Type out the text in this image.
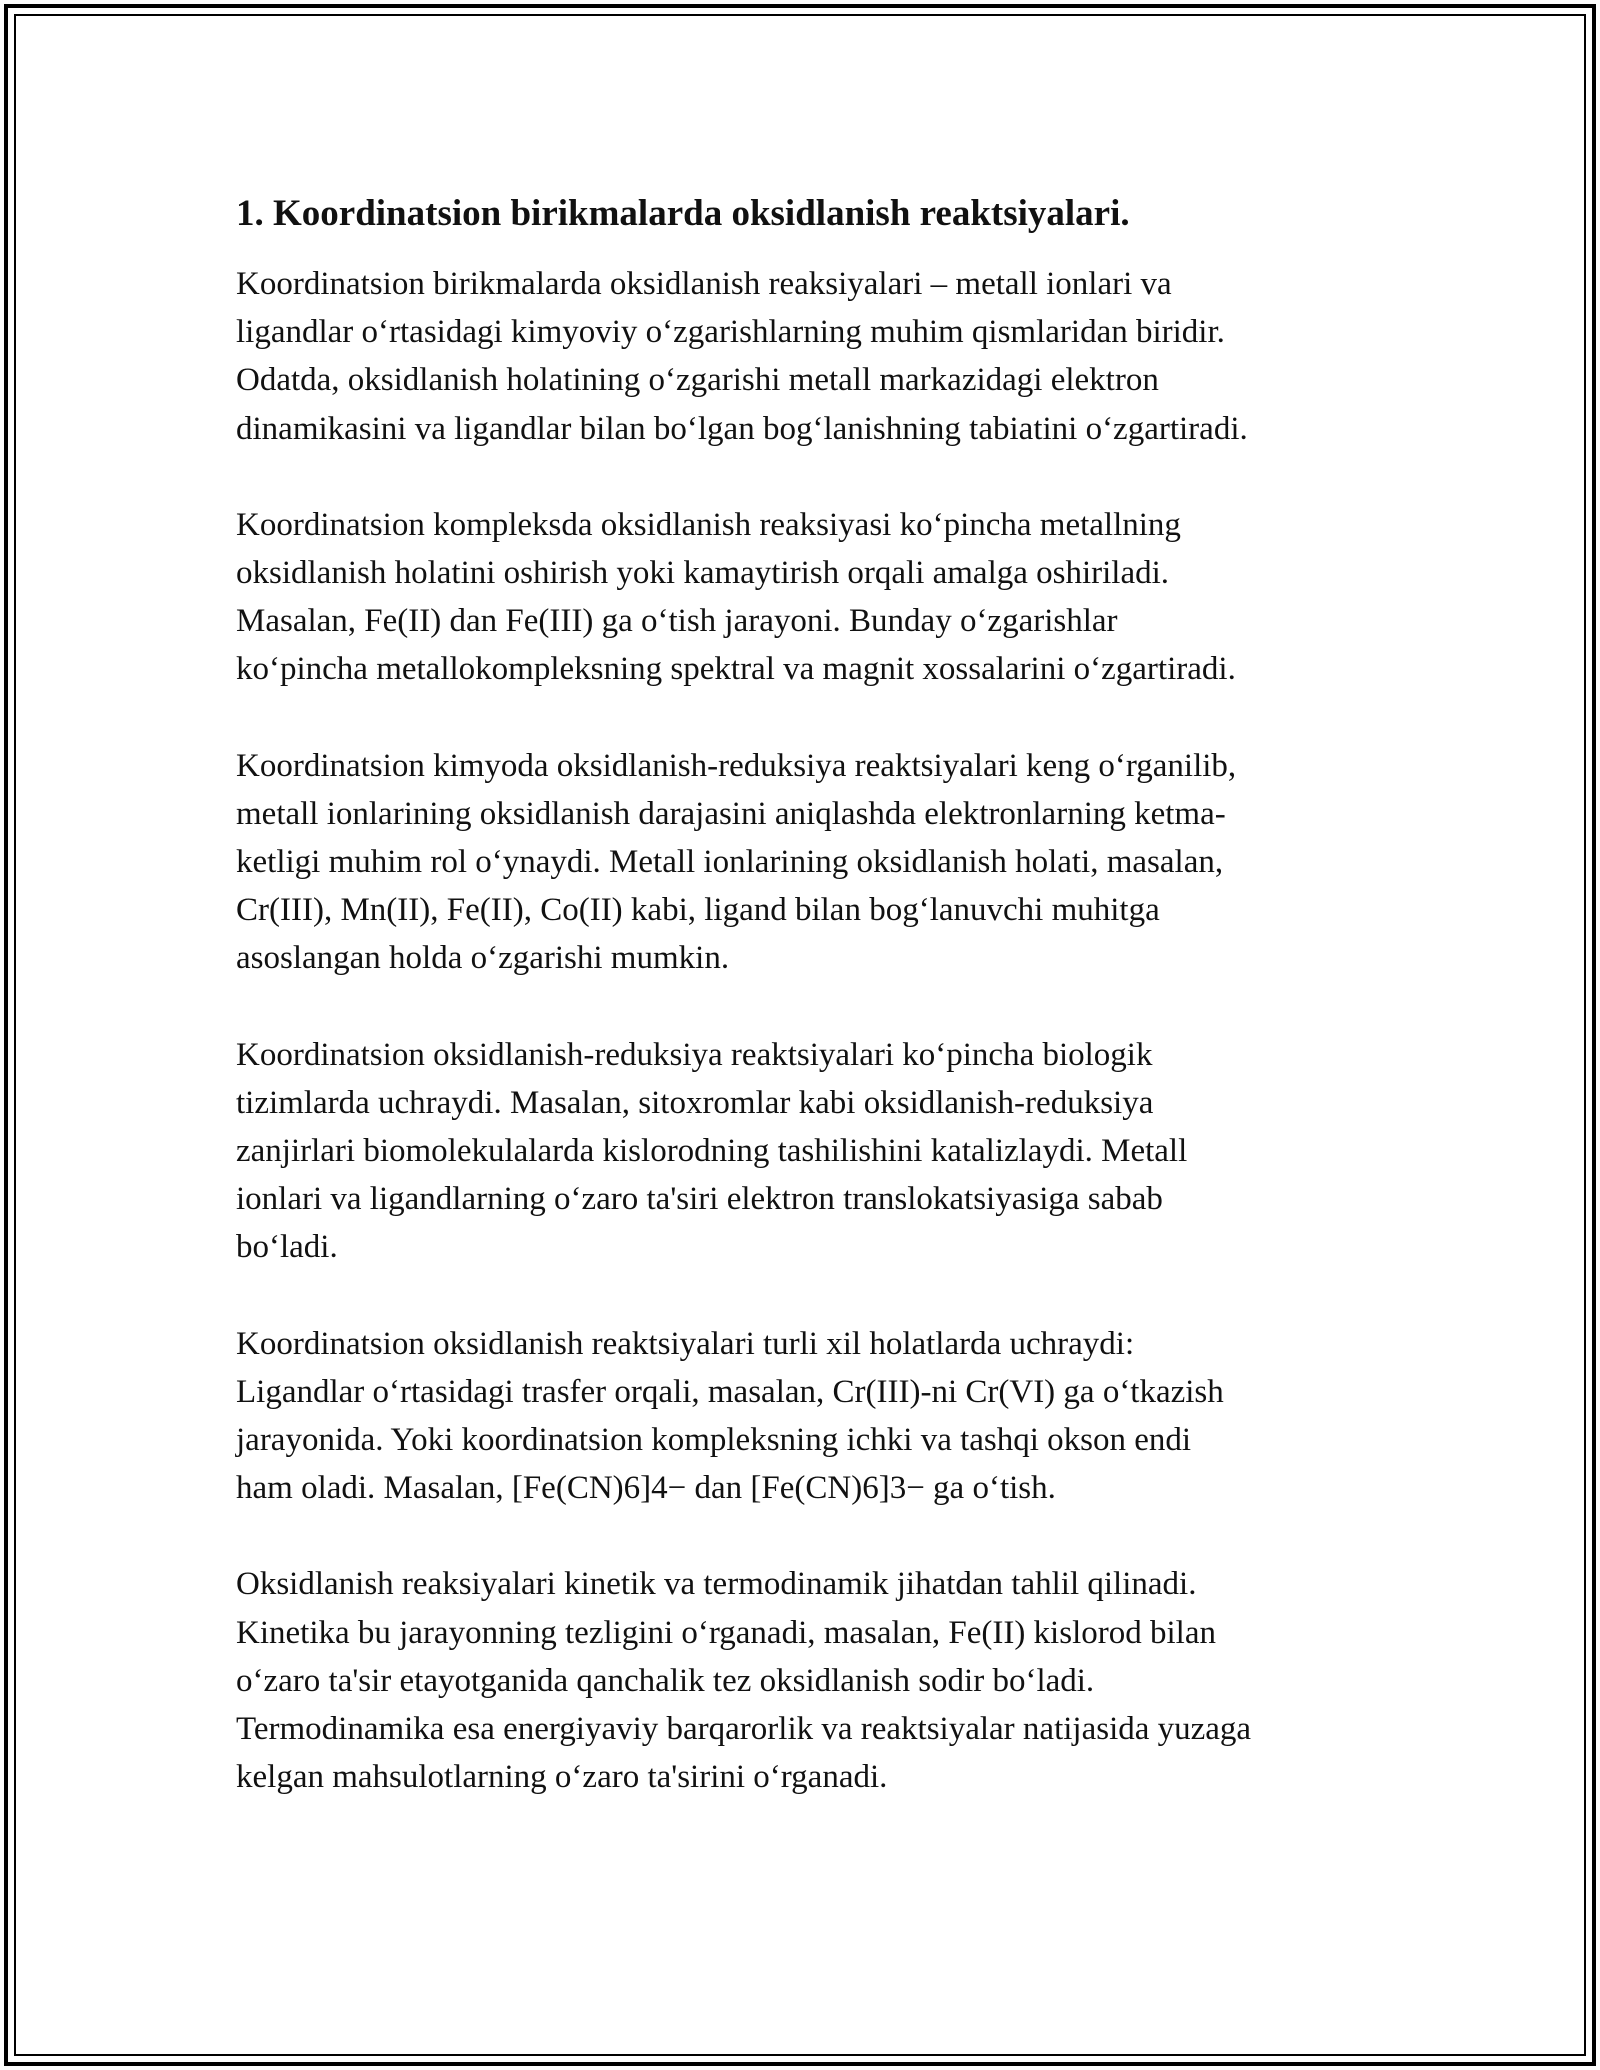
1. Koordinatsion birikmalarda oksidlanish reaktsiyalari.
Koordinatsion birikmalarda oksidlanish reaksiyalari – metall ionlari va
ligandlar o‘rtasidagi kimyoviy o‘zgarishlarning muhim qismlaridan biridir.
Odatda, oksidlanish holatining o‘zgarishi metall markazidagi elektron
dinamikasini va ligandlar bilan bo‘lgan bog‘lanishning tabiatini o‘zgartiradi.
Koordinatsion kompleksda oksidlanish reaksiyasi ko‘pincha metallning
oksidlanish holatini oshirish yoki kamaytirish orqali amalga oshiriladi.
Masalan, Fe(II) dan Fe(III) ga o‘tish jarayoni. Bunday o‘zgarishlar
ko‘pincha metallokompleksning spektral va magnit xossalarini o‘zgartiradi.
Koordinatsion kimyoda oksidlanish-reduksiya reaktsiyalari keng o‘rganilib,
metall ionlarining oksidlanish darajasini aniqlashda elektronlarning ketma-
ketligi muhim rol o‘ynaydi. Metall ionlarining oksidlanish holati, masalan,
Cr(III), Mn(II), Fe(II), Co(II) kabi, ligand bilan bog‘lanuvchi muhitga
asoslangan holda o‘zgarishi mumkin.
Koordinatsion oksidlanish-reduksiya reaktsiyalari ko‘pincha biologik
tizimlarda uchraydi. Masalan, sitoxromlar kabi oksidlanish-reduksiya
zanjirlari biomolekulalarda kislorodning tashilishini katalizlaydi. Metall
ionlari va ligandlarning o‘zaro ta'siri elektron translokatsiyasiga sabab
bo‘ladi.
Koordinatsion oksidlanish reaktsiyalari turli xil holatlarda uchraydi:
Ligandlar o‘rtasidagi trasfer orqali, masalan, Cr(III)-ni Cr(VI) ga o‘tkazish
jarayonida. Yoki koordinatsion kompleksning ichki va tashqi okson endi
ham oladi. Masalan, [Fe(CN)6]4− dan [Fe(CN)6]3− ga o‘tish.
Oksidlanish reaksiyalari kinetik va termodinamik jihatdan tahlil qilinadi.
Kinetika bu jarayonning tezligini o‘rganadi, masalan, Fe(II) kislorod bilan
o‘zaro ta'sir etayotganida qanchalik tez oksidlanish sodir bo‘ladi.
Termodinamika esa energiyaviy barqarorlik va reaktsiyalar natijasida yuzaga
kelgan mahsulotlarning o‘zaro ta'sirini o‘rganadi.
